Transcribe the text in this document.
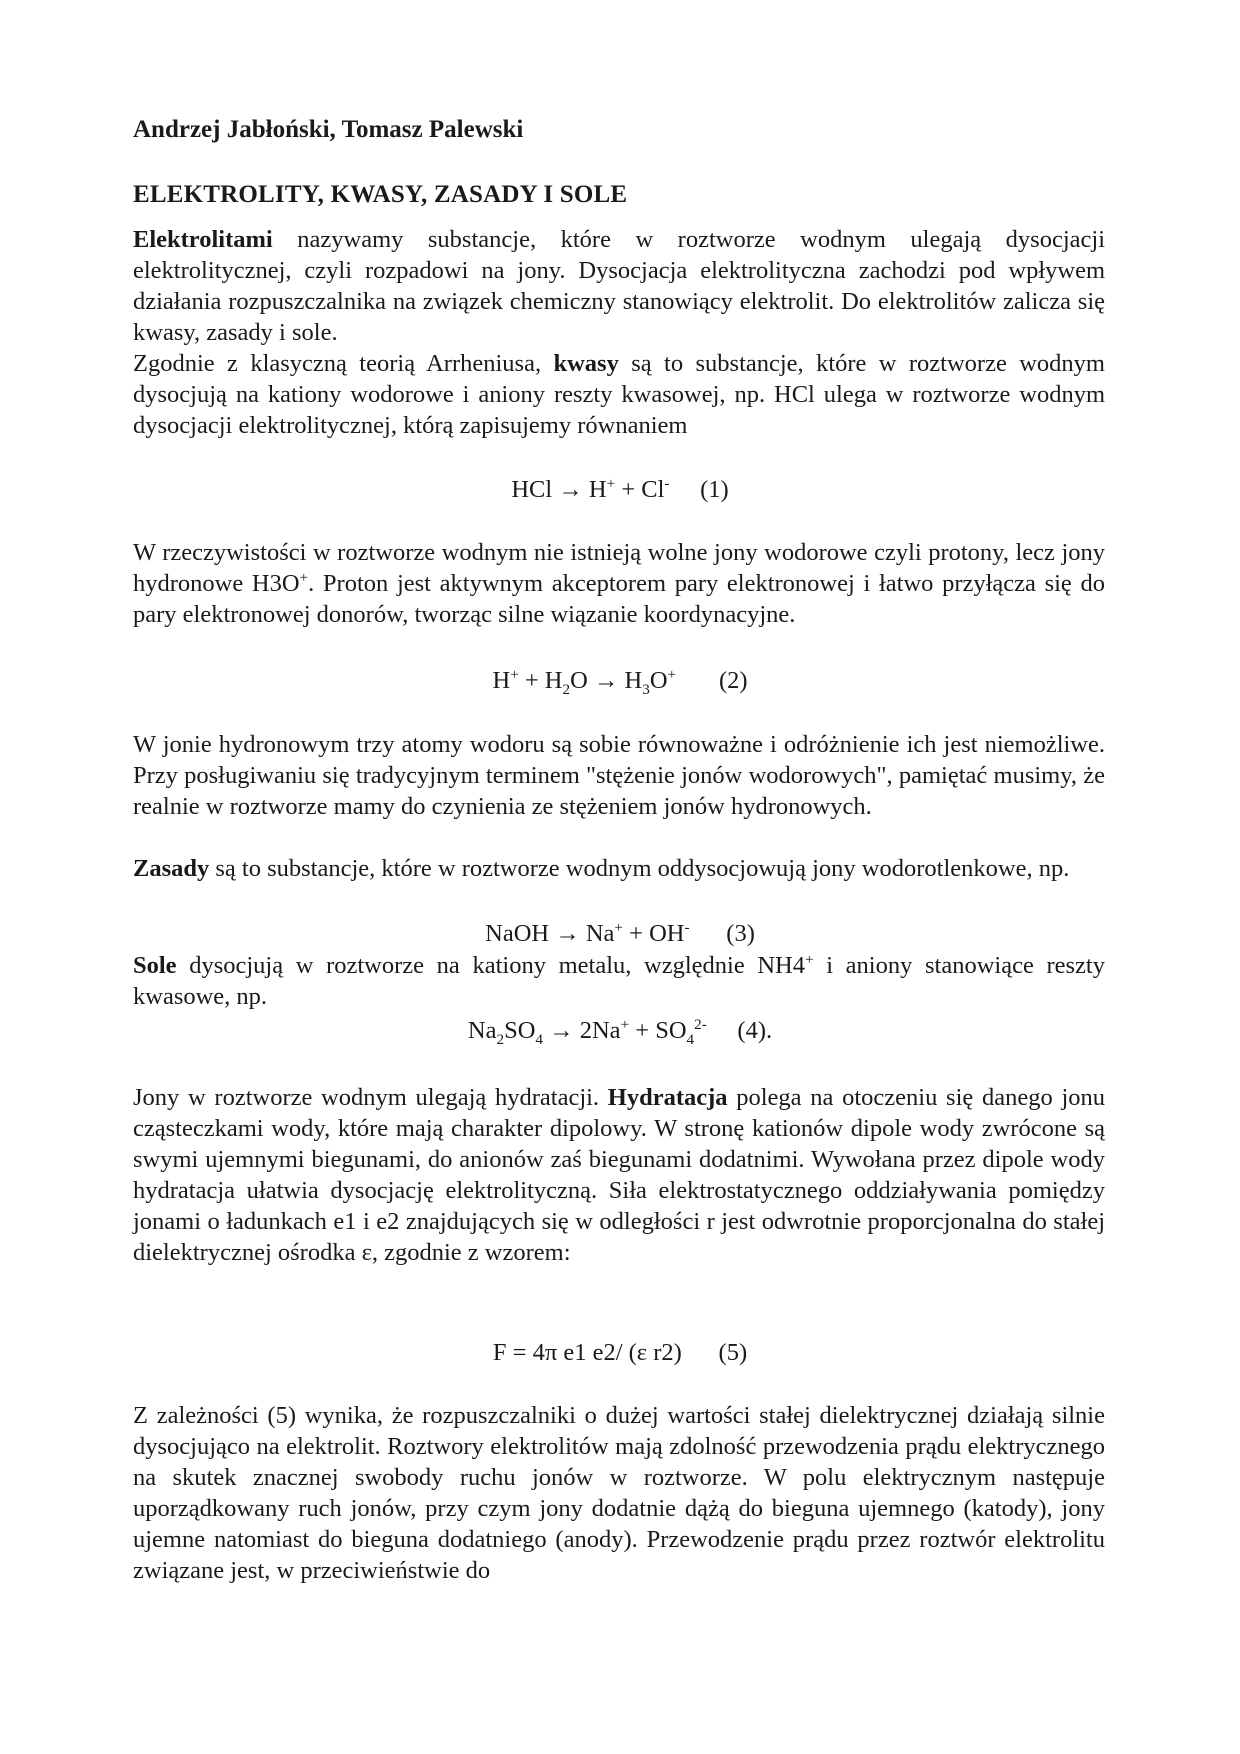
Andrzej Jabłoński, Tomasz Palewski
ELEKTROLITY, KWASY, ZASADY I SOLE

Elektrolitami nazywamy substancje, które w roztworze wodnym ulegają dysocjacji elektrolitycznej, czyli rozpadowi na jony. Dysocjacja elektrolityczna zachodzi pod wpływem działania rozpuszczalnika na związek chemiczny stanowiący elektrolit. Do elektrolitów zalicza się kwasy, zasady i sole.

Zgodnie z klasyczną teorią Arrheniusa, kwasy są to substancje, które w roztworze wodnym dysocjują na kationy wodorowe i aniony reszty kwasowej, np. HCl ulega w roztworze wodnym dysocjacji elektrolitycznej, którą zapisujemy równaniem

HCl → H+ + Cl- (1)

W rzeczywistości w roztworze wodnym nie istnieją wolne jony wodorowe czyli protony, lecz jony hydronowe H3O+. Proton jest aktywnym akceptorem pary elektronowej i łatwo przyłącza się do pary elektronowej donorów, tworząc silne wiązanie koordynacyjne.

$H^+ + H_2O \to H_3O^+$ (2)

W jonie hydronowym trzy atomy wodoru są sobie równoważne i odróżnienie ich jest niemożliwe. Przy posługiwaniu się tradycyjnym terminem "stężenie jonów wodorowych", pamiętać musimy, że realnie w roztworze mamy do czynienia ze stężeniem jonów hydronowych.

Zasady są to substancje, które w roztworze wodnym oddysocjowują jony wodorotlenkowe, np.

NaOH → Na+ + OH- (3)

Sole dysocjują w roztworze na kationy metalu, względnie NH4+ i aniony stanowiące reszty kwasowe, np.

$Na_2SO_4 \to 2Na^+ + SO_4^{2-}$ (4).

Jony w roztworze wodnym ulegają hydratacji. Hydratacja polega na otoczeniu się danego jonu cząsteczkami wody, które mają charakter dipolowy. W stronę kationów dipole wody zwrócone są swymi ujemnymi biegunami, do anionów zaś biegunami dodatnimi. Wywołana przez dipole wody hydratacja ułatwia dysocjację elektrolityczną. Siła elektrostatycznego oddziaływania pomiędzy jonami o ładunkach e1 i e2 znajdujących się w odległości r jest odwrotnie proporcjonalna do stałej dielektrycznej ośrodka ε, zgodnie z wzorem:

F = 4π e1 e2/ (ε r2) (5)

Z zależności (5) wynika, że rozpuszczalniki o dużej wartości stałej dielektrycznej działają silnie dysocjująco na elektrolit. Roztwory elektrolitów mają zdolność przewodzenia prądu elektrycznego na skutek znacznej swobody ruchu jonów w roztworze. W polu elektrycznym następuje uporządkowany ruch jonów, przy czym jony dodatnie dążą do bieguna ujemnego (katody), jony ujemne natomiast do bieguna dodatniego (anody). Przewodzenie prądu przez roztwór elektrolitu związane jest, w przeciwieństwie do
